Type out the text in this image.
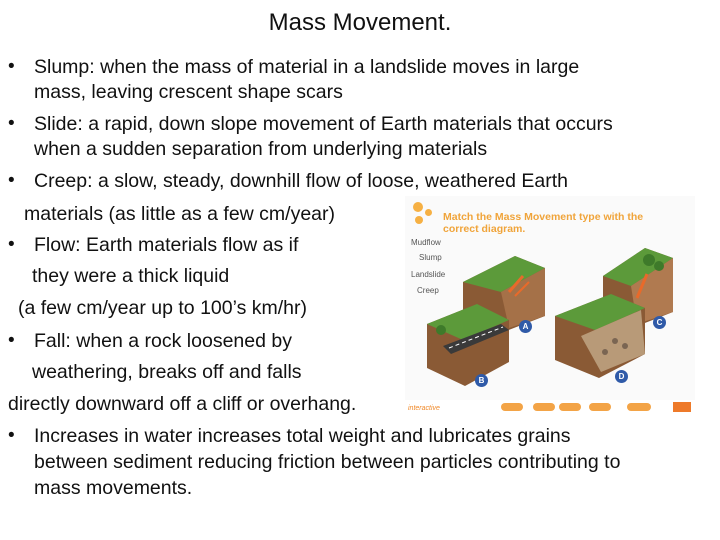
Mass Movement.
•
•
•
•
•
•
Slump: when the mass of material in a landslide moves in large
mass, leaving crescent shape scars
Slide: a rapid, down slope movement of Earth materials that occurs
when a sudden separation from underlying materials
Creep: a slow, steady, downhill flow of loose, weathered Earth
materials (as little as a few cm/year)
Flow: Earth materials flow as if
they were a thick liquid
(a few cm/year up to 100’s km/hr)
Fall: when a rock loosened by
weathering, breaks off and falls
directly downward off a cliff or overhang.
Increases in water increases total weight and lubricates grains
between sediment reducing friction between particles contributing to
mass movements.
Match the Mass Movement type with the
correct diagram.
Mudflow
Slump
Landslide
Creep
A
B
C
D
interactive
